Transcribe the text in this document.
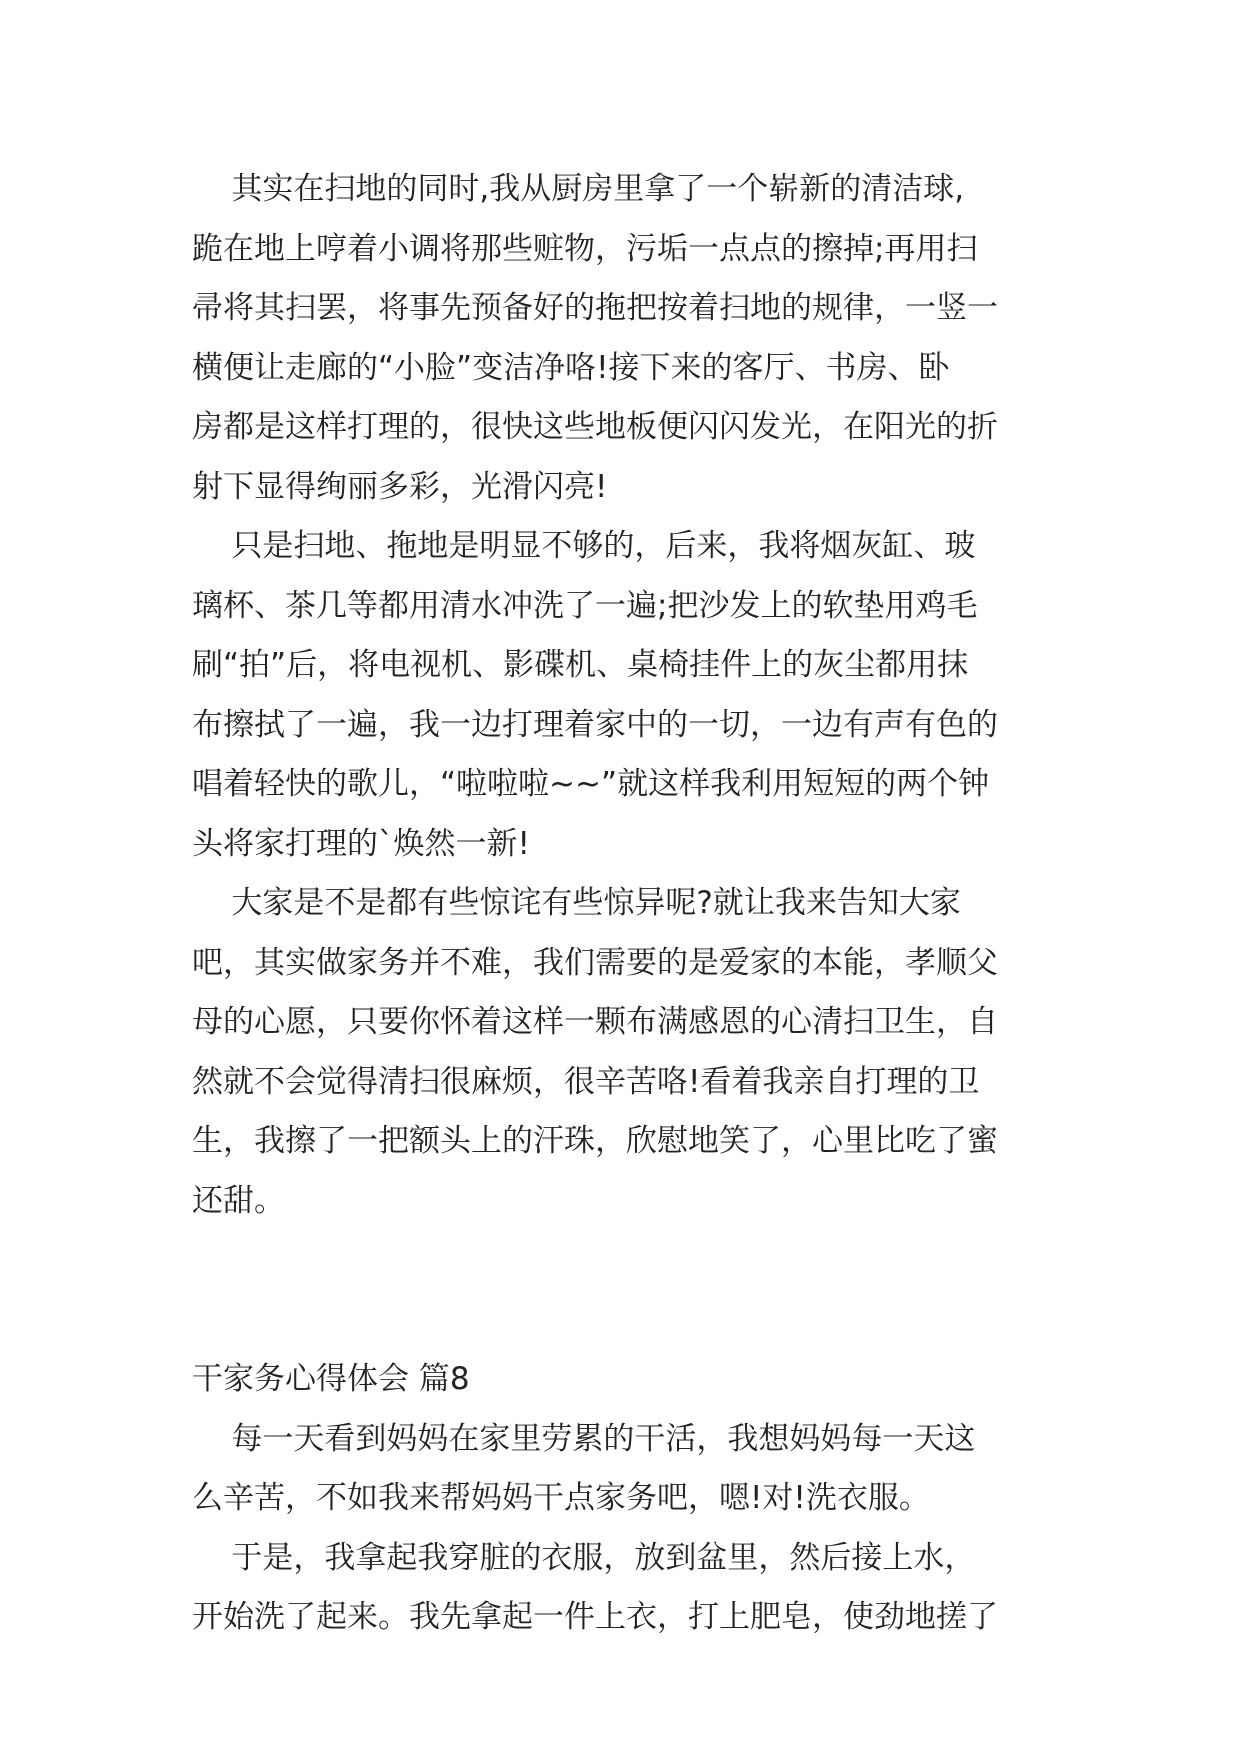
其实在扫地的同时,我从厨房里拿了一个崭新的清洁球,
跪在地上哼着小调将那些赃物，污垢一点点的擦掉;再用扫
帚将其扫罢，将事先预备好的拖把按着扫地的规律，一竖一
横便让走廊的“小脸”变洁净咯!接下来的客厅、书房、卧
房都是这样打理的，很快这些地板便闪闪发光，在阳光的折
射下显得绚丽多彩，光滑闪亮!
只是扫地、拖地是明显不够的，后来，我将烟灰缸、玻
璃杯、茶几等都用清水冲洗了一遍;把沙发上的软垫用鸡毛
刷“拍”后，将电视机、影碟机、桌椅挂件上的灰尘都用抹
布擦拭了一遍，我一边打理着家中的一切，一边有声有色的
唱着轻快的歌儿，“啦啦啦~~”就这样我利用短短的两个钟
头将家打理的`焕然一新!
大家是不是都有些惊诧有些惊异呢?就让我来告知大家
吧，其实做家务并不难，我们需要的是爱家的本能，孝顺父
母的心愿，只要你怀着这样一颗布满感恩的心清扫卫生，自
然就不会觉得清扫很麻烦，很辛苦咯!看着我亲自打理的卫
生，我擦了一把额头上的汗珠，欣慰地笑了，心里比吃了蜜
还甜。
干家务心得体会 篇8
每一天看到妈妈在家里劳累的干活，我想妈妈每一天这
么辛苦，不如我来帮妈妈干点家务吧，嗯!对!洗衣服。
于是，我拿起我穿脏的衣服，放到盆里，然后接上水，
开始洗了起来。我先拿起一件上衣，打上肥皂，使劲地搓了
